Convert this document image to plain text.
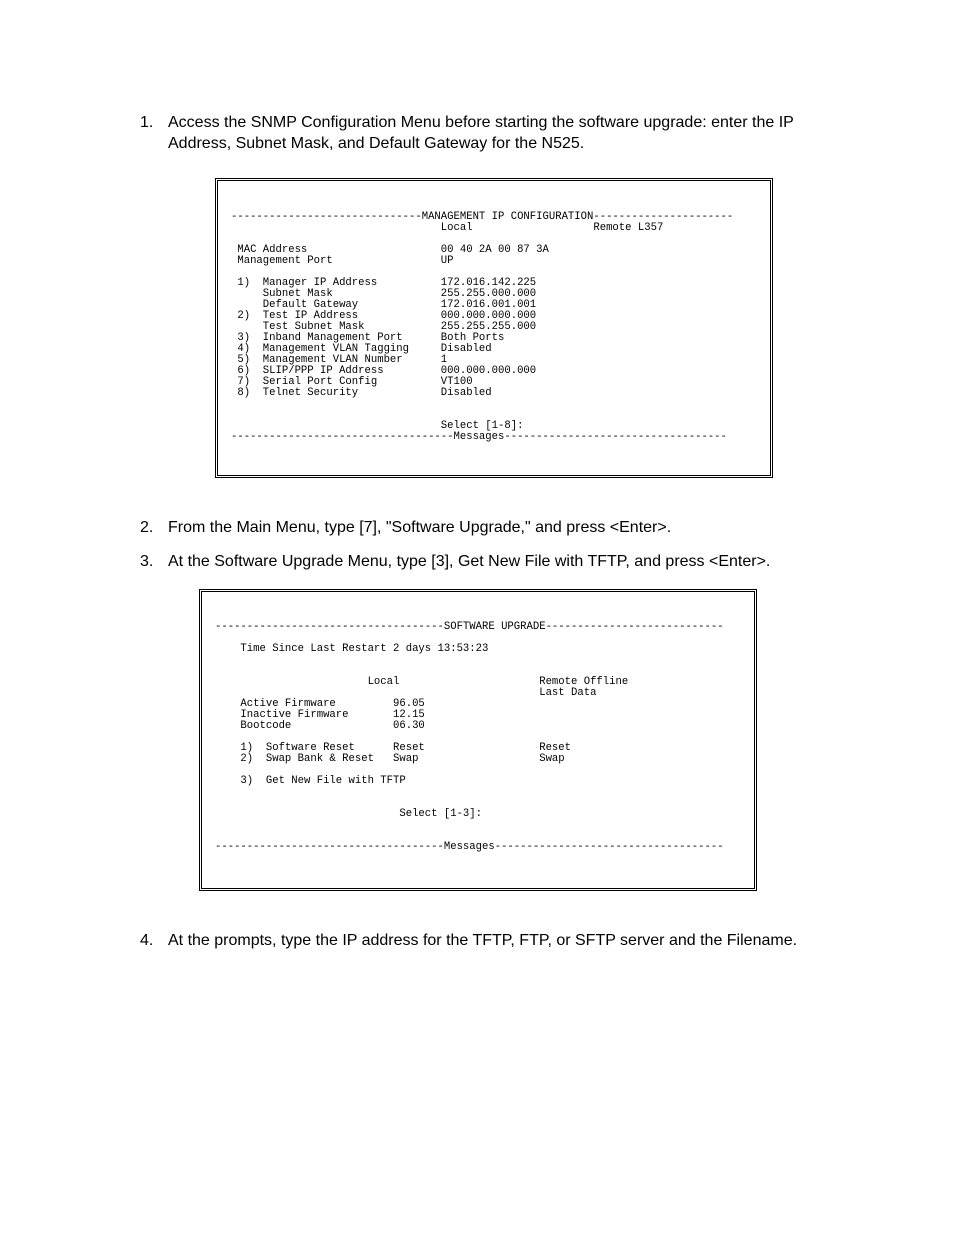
1. Access the SNMP Configuration Menu before starting the software upgrade: enter the IP Address, Subnet Mask, and Default Gateway for the N525.
------------------------------MANAGEMENT IP CONFIGURATION----------------------
Local                   Remote L357

MAC Address                     00 40 2A 00 87 3A
Management Port                 UP

1)  Manager IP Address          172.016.142.225
Subnet Mask                 255.255.000.000
Default Gateway             172.016.001.001
2)  Test IP Address             000.000.000.000
Test Subnet Mask            255.255.255.000
3)  Inband Management Port      Both Ports
4)  Management VLAN Tagging     Disabled
5)  Management VLAN Number      1
6)  SLIP/PPP IP Address         000.000.000.000
7)  Serial Port Config          VT100
8)  Telnet Security             Disabled

Select [1-8]:
-----------------------------------Messages-----------------------------------
2. From the Main Menu, type [7], "Software Upgrade," and press <Enter>.
3. At the Software Upgrade Menu, type [3], Get New File with TFTP, and press <Enter>.
------------------------------------SOFTWARE UPGRADE----------------------------

Time Since Last Restart 2 days 13:53:23

Local                      Remote Offline
Last Data
Active Firmware         96.05
Inactive Firmware       12.15
Bootcode                06.30

1)  Software Reset      Reset                  Reset
2)  Swap Bank & Reset   Swap                   Swap

3)  Get New File with TFTP

Select [1-3]:

------------------------------------Messages------------------------------------
4. At the prompts, type the IP address for the TFTP, FTP, or SFTP server and the Filename.
